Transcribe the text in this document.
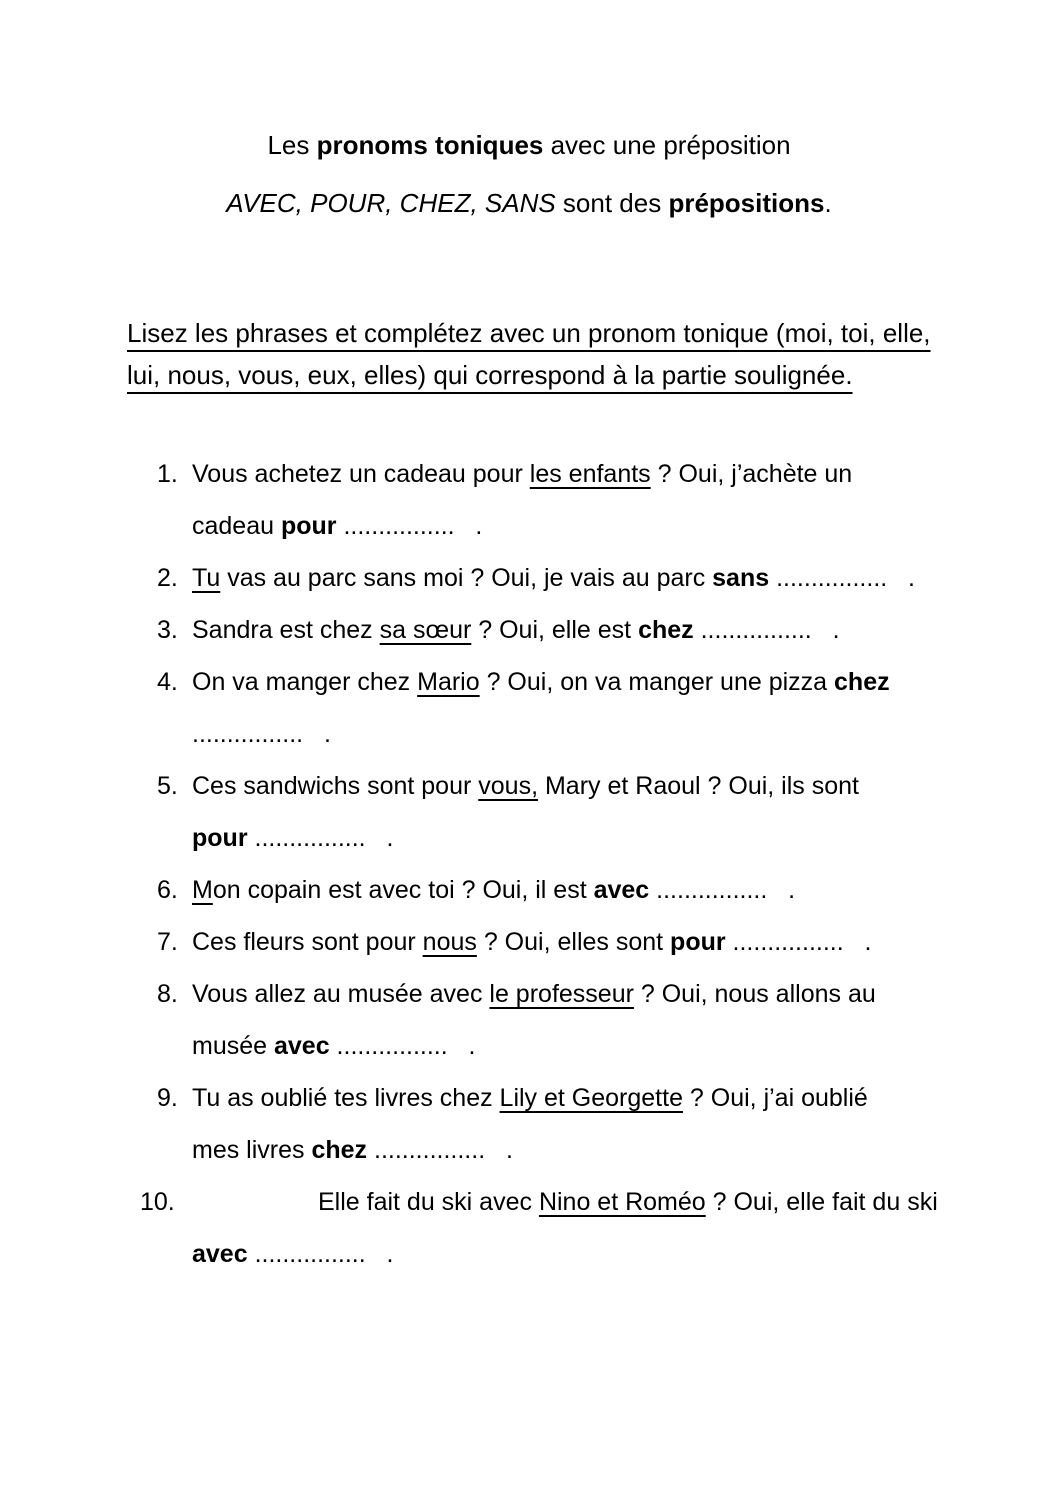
Les pronoms toniques avec une préposition
AVEC, POUR, CHEZ, SANS sont des prépositions.
Lisez les phrases et complétez avec un pronom tonique (moi, toi, elle,
lui, nous, vous, eux, elles) qui correspond à la partie soulignée.
1. Vous achetez un cadeau pour les enfants ? Oui, j’achète un
cadeau pour ................   .
2. Tu vas au parc sans moi ? Oui, je vais au parc sans ................   .
3. Sandra est chez sa sœur ? Oui, elle est chez ................   .
4. On va manger chez Mario ? Oui, on va manger une pizza chez
................   .
5. Ces sandwichs sont pour vous, Mary et Raoul ? Oui, ils sont
pour ................   .
6. Mon copain est avec toi ? Oui, il est avec ................   .
7. Ces fleurs sont pour nous ? Oui, elles sont pour ................   .
8. Vous allez au musée avec le professeur ? Oui, nous allons au
musée avec ................   .
9. Tu as oublié tes livres chez Lily et Georgette ? Oui, j’ai oublié
mes livres chez ................   .
10.	Elle fait du ski avec Nino et Roméo ? Oui, elle fait du ski
avec ................   .
